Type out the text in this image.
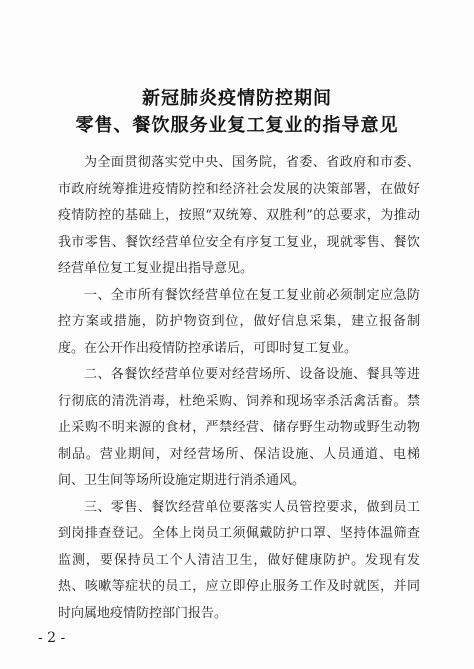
新冠肺炎疫情防控期间
零售、餐饮服务业复工复业的指导意见

为全面贯彻落实党中央、国务院，省委、省政府和市委、市政府统筹推进疫情防控和经济社会发展的决策部署，在做好疫情防控的基础上，按照“双统筹、双胜利”的总要求，为推动我市零售、餐饮经营单位安全有序复工复业，现就零售、餐饮经营单位复工复业提出指导意见。

一、全市所有餐饮经营单位在复工复业前必须制定应急防控方案或措施，防护物资到位，做好信息采集，建立报备制度。在公开作出疫情防控承诺后，可即时复工复业。

二、各餐饮经营单位要对经营场所、设备设施、餐具等进行彻底的清洗消毒，杜绝采购、饲养和现场宰杀活禽活畜。禁止采购不明来源的食材，严禁经营、储存野生动物或野生动物制品。营业期间，对经营场所、保洁设施、人员通道、电梯间、卫生间等场所设施定期进行消杀通风。

三、零售、餐饮经营单位要落实人员管控要求，做到员工到岗排查登记。全体上岗员工须佩戴防护口罩、坚持体温筛查监测，要保持员工个人清洁卫生，做好健康防护。发现有发热、咳嗽等症状的员工，应立即停止服务工作及时就医，并同时向属地疫情防控部门报告。

- 2 -
